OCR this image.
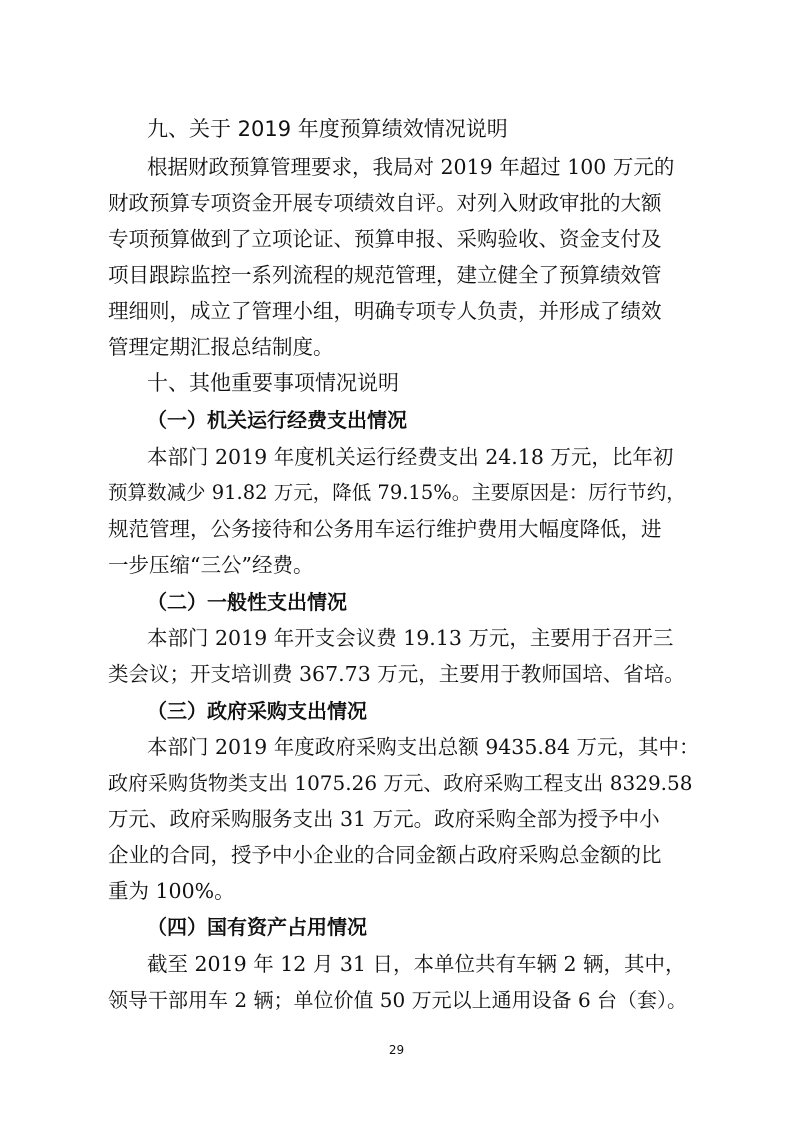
九、关于 2019 年度预算绩效情况说明
根据财政预算管理要求，我局对 2019 年超过 100 万元的
财政预算专项资金开展专项绩效自评。对列入财政审批的大额
专项预算做到了立项论证、预算申报、采购验收、资金支付及
项目跟踪监控一系列流程的规范管理，建立健全了预算绩效管
理细则，成立了管理小组，明确专项专人负责，并形成了绩效
管理定期汇报总结制度。
十、其他重要事项情况说明
（一）机关运行经费支出情况
本部门 2019 年度机关运行经费支出 24.18 万元，比年初
预算数减少 91.82 万元，降低 79.15%。主要原因是：厉行节约，
规范管理，公务接待和公务用车运行维护费用大幅度降低，进
一步压缩“三公”经费。
（二）一般性支出情况
本部门 2019 年开支会议费 19.13 万元，主要用于召开三
类会议；开支培训费 367.73 万元，主要用于教师国培、省培。
（三）政府采购支出情况
本部门 2019 年度政府采购支出总额 9435.84 万元，其中：
政府采购货物类支出 1075.26 万元、政府采购工程支出 8329.58
万元、政府采购服务支出 31 万元。政府采购全部为授予中小
企业的合同，授予中小企业的合同金额占政府采购总金额的比
重为 100%。
（四）国有资产占用情况
截至 2019 年 12 月 31 日，本单位共有车辆 2 辆，其中，
领导干部用车 2 辆；单位价值 50 万元以上通用设备 6 台（套）。
29
